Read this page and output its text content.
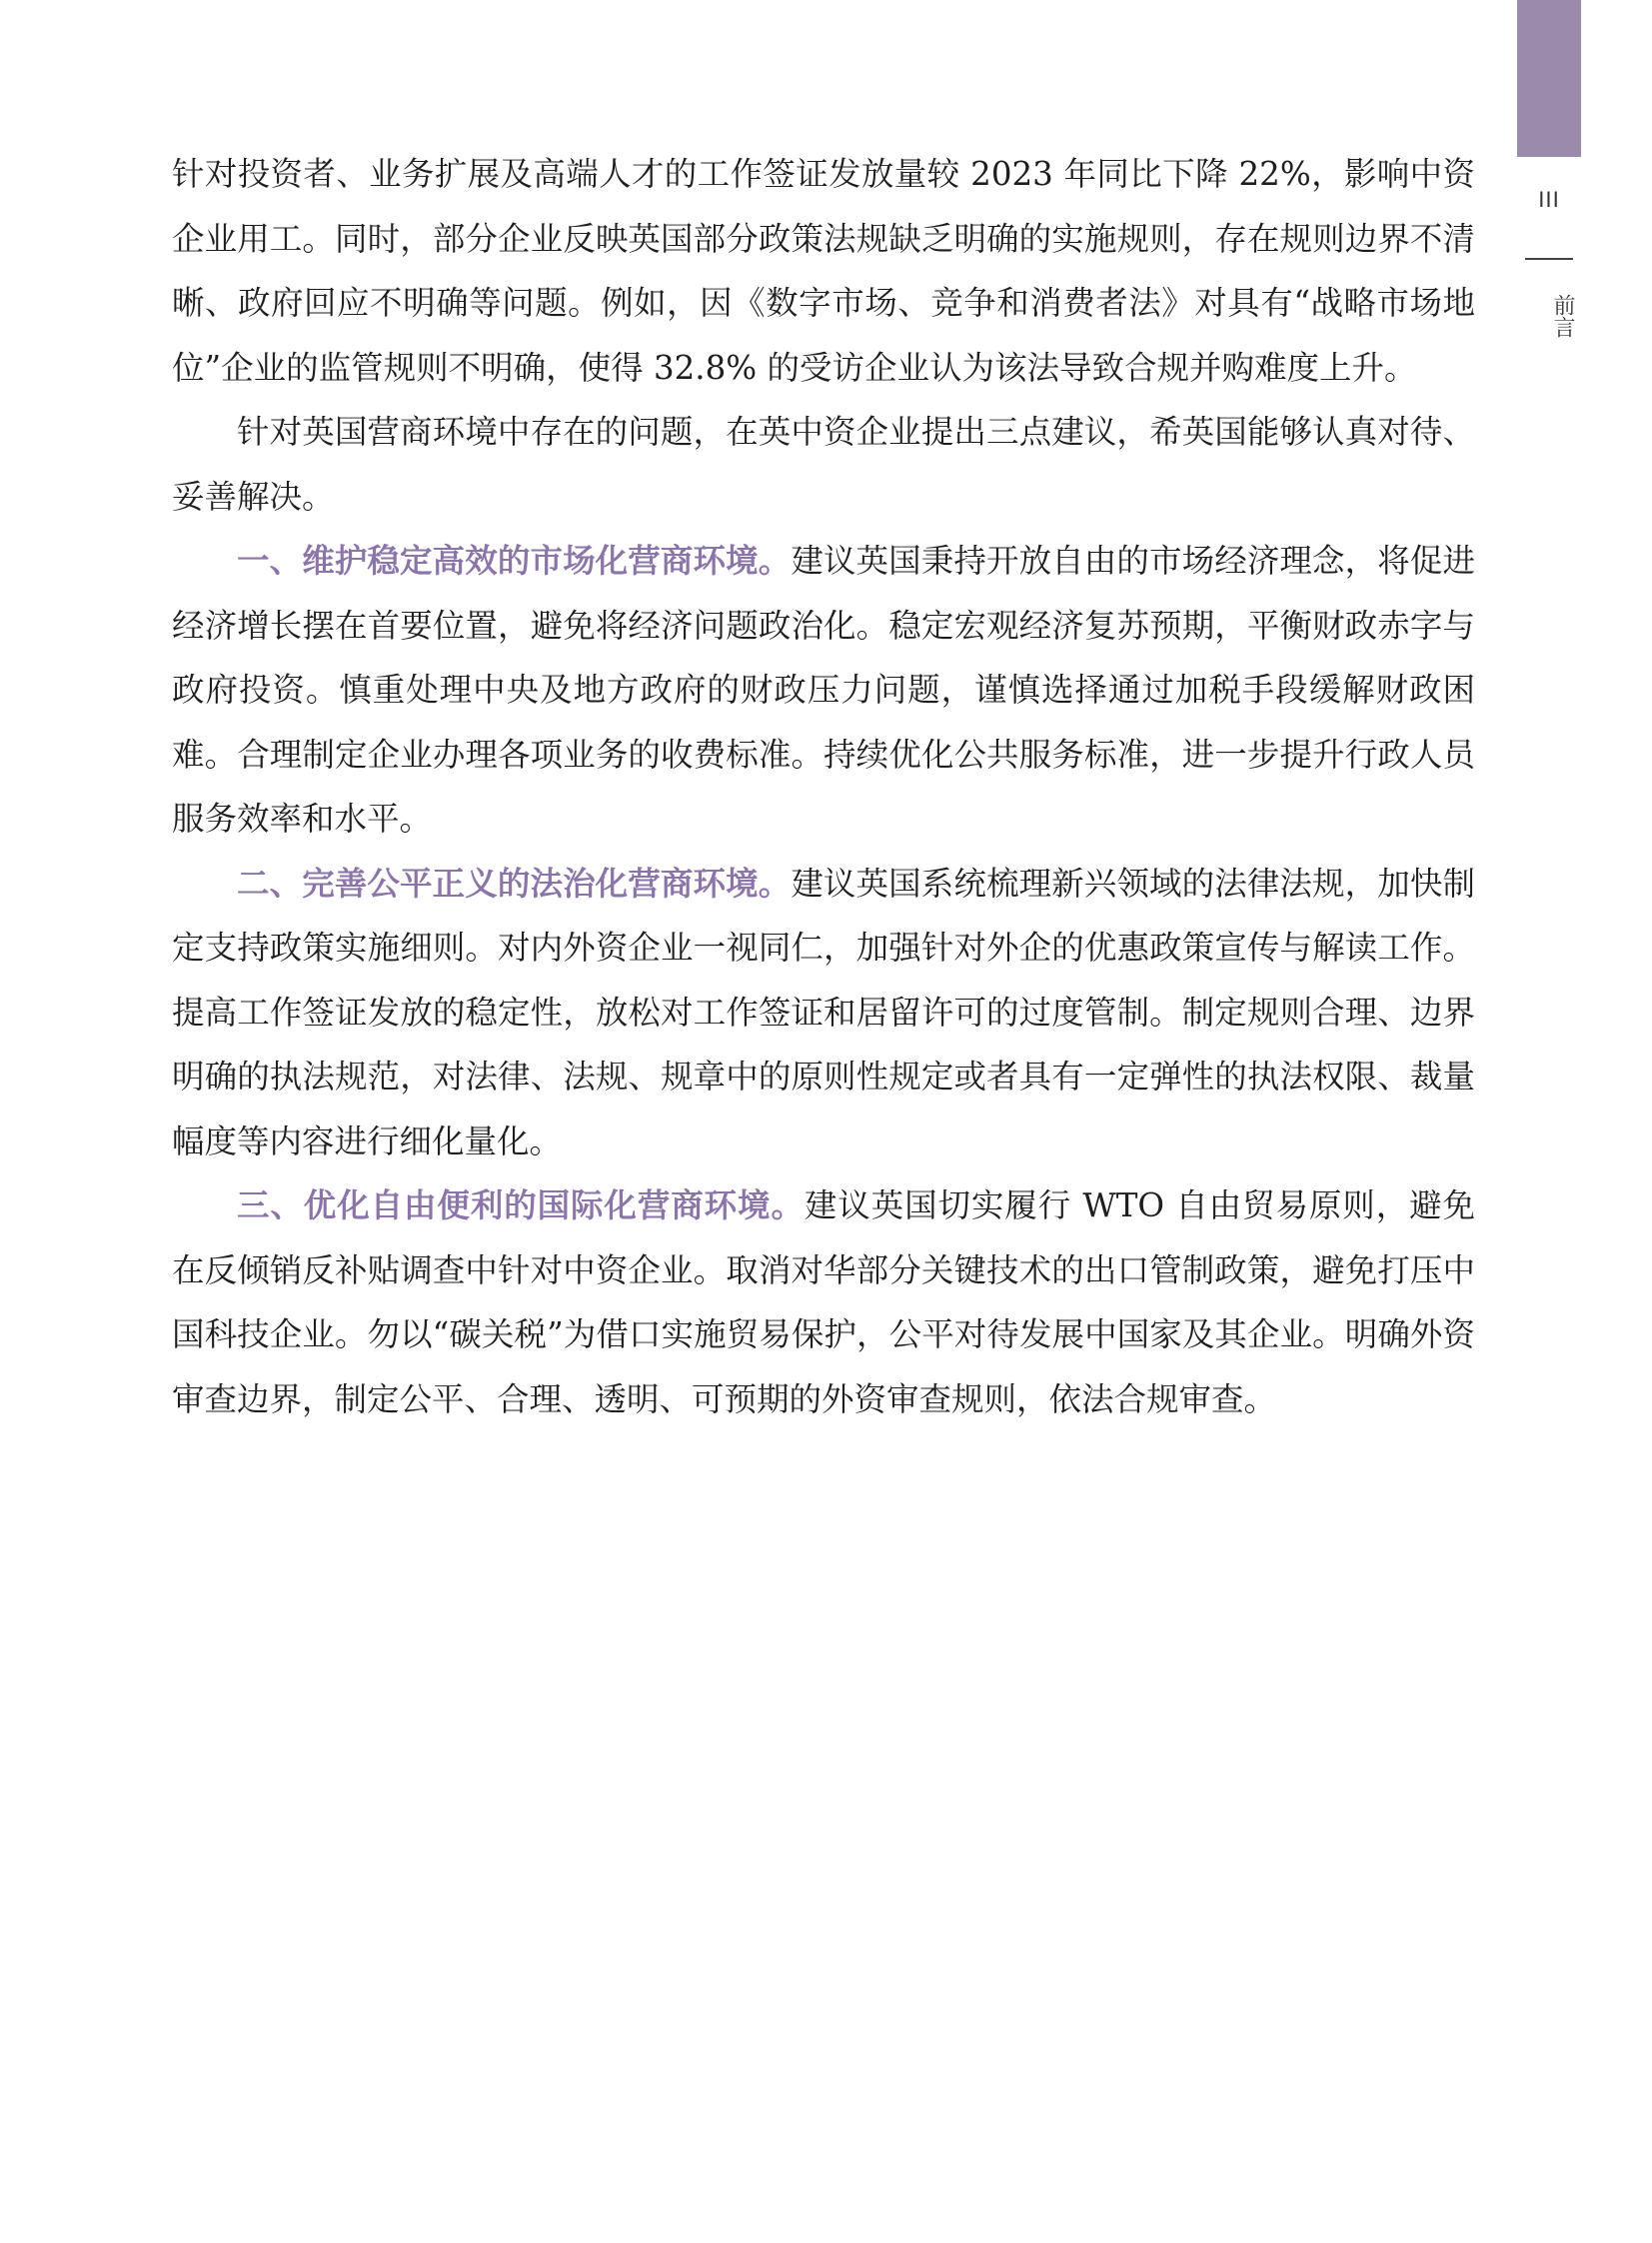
III
前言

针对投资者、业务扩展及高端人才的工作签证发放量较 2023 年同比下降 22%，影响中资企业用工。同时，部分企业反映英国部分政策法规缺乏明确的实施规则，存在规则边界不清晰、政府回应不明确等问题。例如，因《数字市场、竞争和消费者法》对具有“战略市场地位”企业的监管规则不明确，使得 32.8% 的受访企业认为该法导致合规并购难度上升。

针对英国营商环境中存在的问题，在英中资企业提出三点建议，希英国能够认真对待、妥善解决。

一、维护稳定高效的市场化营商环境。建议英国秉持开放自由的市场经济理念，将促进经济增长摆在首要位置，避免将经济问题政治化。稳定宏观经济复苏预期，平衡财政赤字与政府投资。慎重处理中央及地方政府的财政压力问题，谨慎选择通过加税手段缓解财政困难。合理制定企业办理各项业务的收费标准。持续优化公共服务标准，进一步提升行政人员服务效率和水平。

二、完善公平正义的法治化营商环境。建议英国系统梳理新兴领域的法律法规，加快制定支持政策实施细则。对内外资企业一视同仁，加强针对外企的优惠政策宣传与解读工作。提高工作签证发放的稳定性，放松对工作签证和居留许可的过度管制。制定规则合理、边界明确的执法规范，对法律、法规、规章中的原则性规定或者具有一定弹性的执法权限、裁量幅度等内容进行细化量化。

三、优化自由便利的国际化营商环境。建议英国切实履行 WTO 自由贸易原则，避免在反倾销反补贴调查中针对中资企业。取消对华部分关键技术的出口管制政策，避免打压中国科技企业。勿以“碳关税”为借口实施贸易保护，公平对待发展中国家及其企业。明确外资审查边界，制定公平、合理、透明、可预期的外资审查规则，依法合规审查。
